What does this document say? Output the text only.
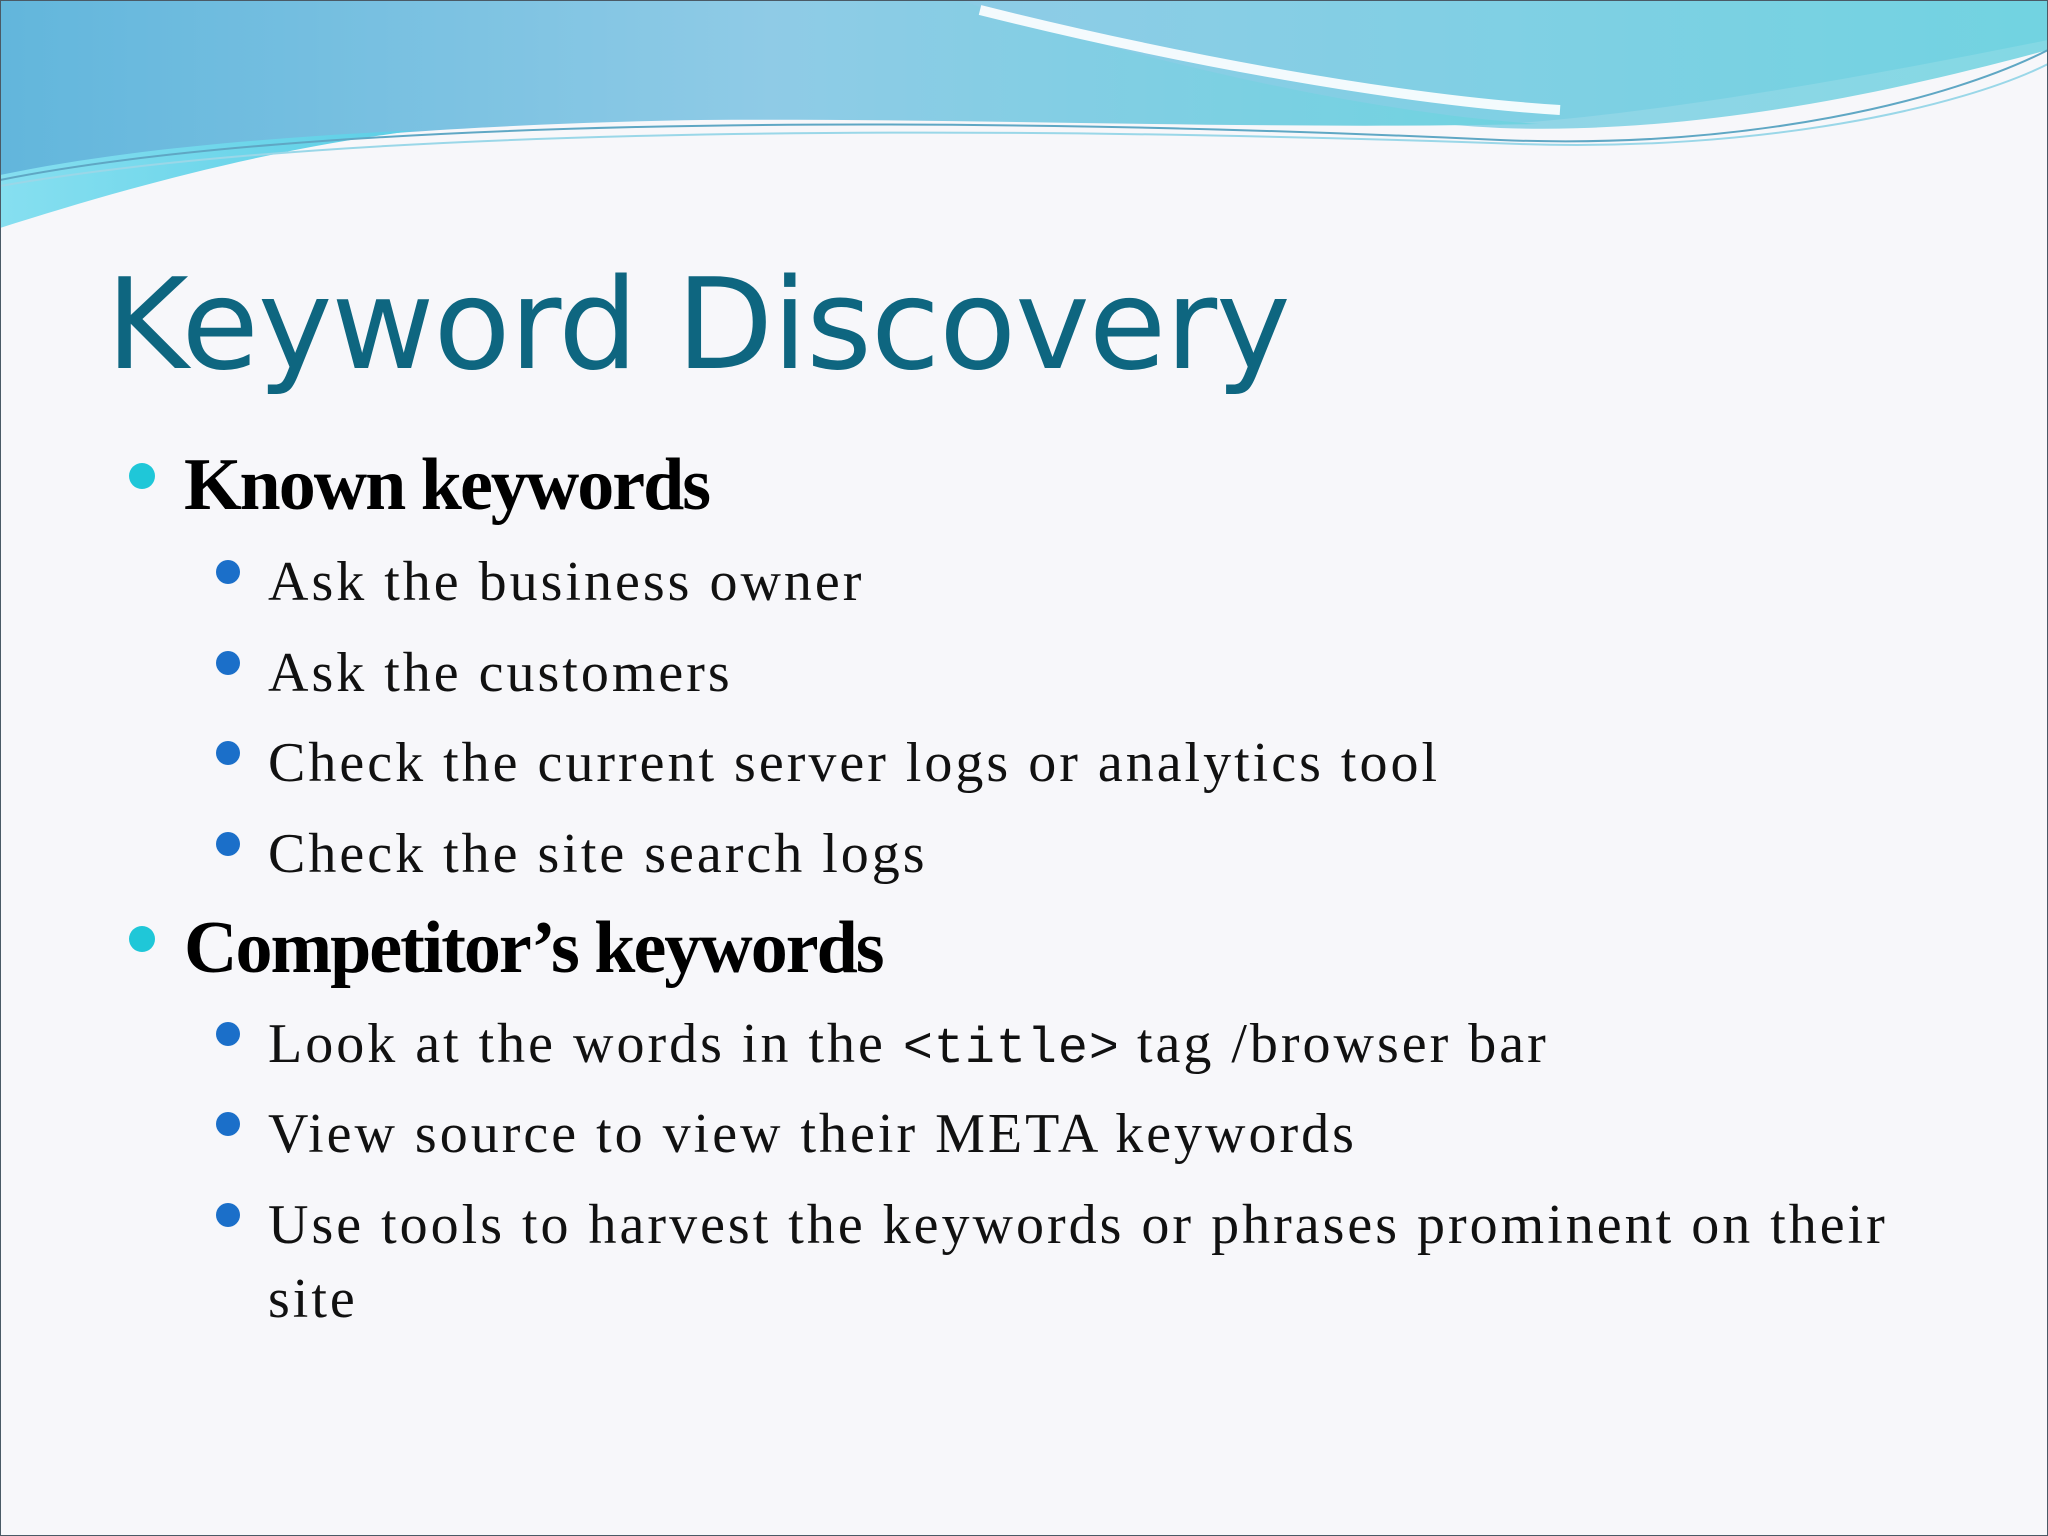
Keyword Discovery
Known keywords
Ask the business owner
Ask the customers
Check the current server logs or analytics tool
Check the site search logs
Competitor’s keywords
Look at the words in the <title> tag /browser bar
View source to view their META keywords
Use tools to harvest the keywords or phrases prominent on their site
